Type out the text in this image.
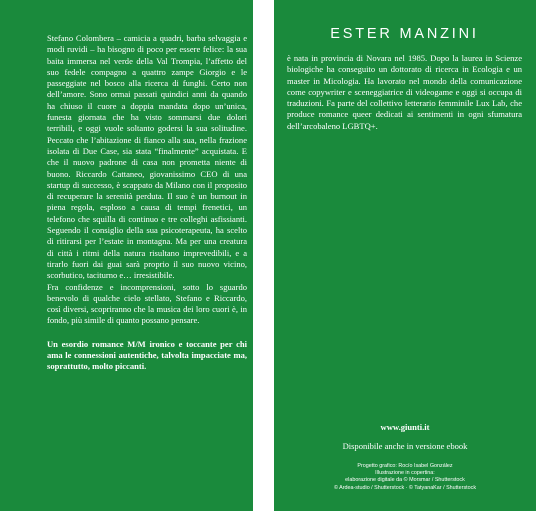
Stefano Colombera – camicia a quadri, barba selvaggia e modi ruvidi – ha bisogno di poco per essere felice: la sua baita immersa nel verde della Val Trompia, l’affetto del suo fedele compagno a quattro zampe Giorgio e le passeggiate nel bosco alla ricerca di funghi. Certo non dell’amore. Sono ormai passati quindici anni da quando ha chiuso il cuore a doppia mandata dopo un’unica, funesta giornata che ha visto sommarsi due dolori terribili, e oggi vuole soltanto godersi la sua solitudine. Peccato che l’abitazione di fianco alla sua, nella frazione isolata di Due Case, sia stata “finalmente” acquistata. E che il nuovo padrone di casa non prometta niente di buono. Riccardo Cattaneo, giovanissimo CEO di una startup di successo, è scappato da Milano con il proposito di recuperare la serenità perduta. Il suo è un burnout in piena regola, esploso a causa di tempi frenetici, un telefono che squilla di continuo e tre colleghi asfissianti. Seguendo il consiglio della sua psicoterapeuta, ha scelto di ritirarsi per l’estate in montagna. Ma per una creatura di città i ritmi della natura risultano imprevedibili, e a tirarlo fuori dai guai sarà proprio il suo nuovo vicino, scorbutico, taciturno e… irresistibile.

Fra confidenze e incomprensioni, sotto lo sguardo benevolo di qualche cielo stellato, Stefano e Riccardo, così diversi, scopriranno che la musica dei loro cuori è, in fondo, più simile di quanto possano pensare.

Un esordio romance M/M ironico e toccante per chi ama le connessioni autentiche, talvolta impacciate ma, soprattutto, molto piccanti.

ESTER MANZINI

è nata in provincia di Novara nel 1985. Dopo la laurea in Scienze biologiche ha conseguito un dottorato di ricerca in Ecologia e un master in Micologia. Ha lavorato nel mondo della comunicazione come copywriter e sceneggiatrice di videogame e oggi si occupa di traduzioni. Fa parte del collettivo letterario femminile Lux Lab, che produce romance queer dedicati ai sentimenti in ogni sfumatura dell’arcobaleno LGBTQ+.

www.giunti.it

Disponibile anche in versione ebook

Progetto grafico: Rocío Isabel González
Illustrazione in copertina:
elaborazione digitale da © Morsmar / Shutterstock
© Ardea-studio / Shutterstock · © TatyanaKar / Shutterstock
